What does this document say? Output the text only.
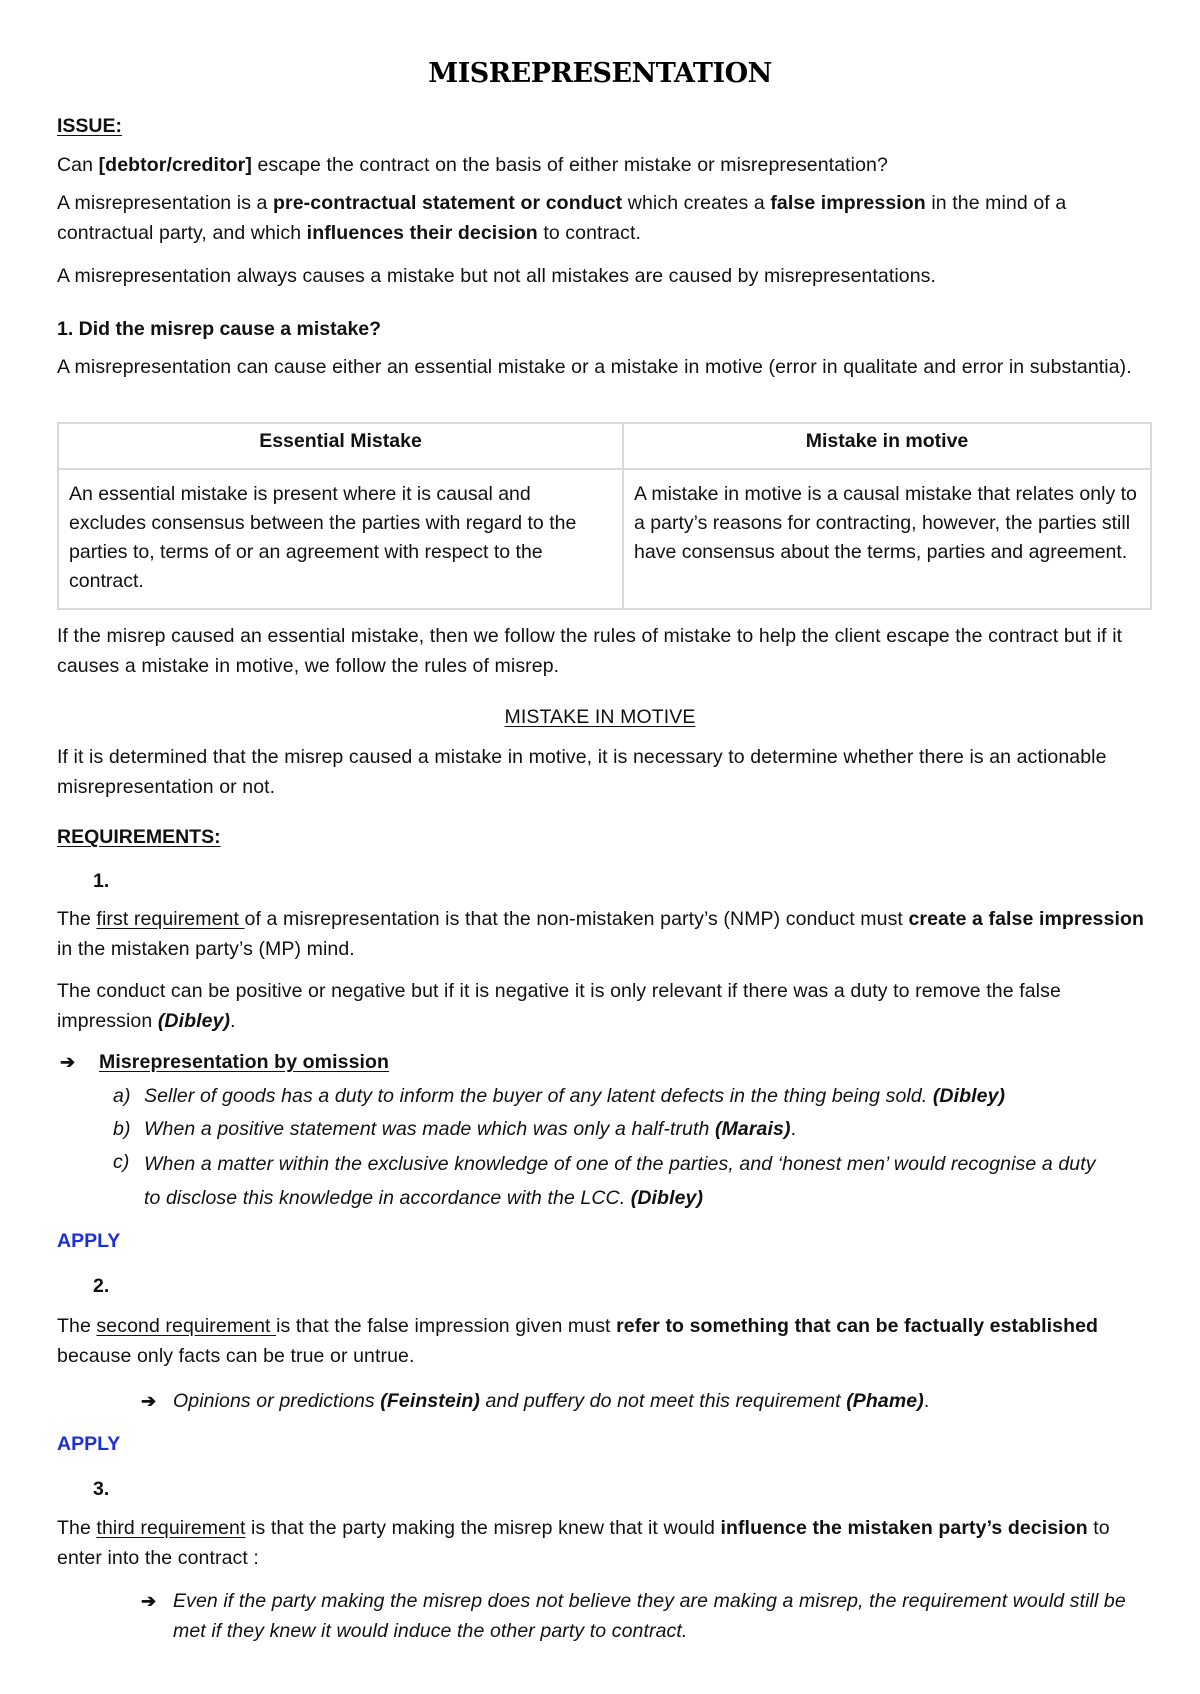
MISREPRESENTATION
ISSUE:

Can [debtor/creditor] escape the contract on the basis of either mistake or misrepresentation?

A misrepresentation is a pre-contractual statement or conduct which creates a false impression in the mind of a contractual party, and which influences their decision to contract.

A misrepresentation always causes a mistake but not all mistakes are caused by misrepresentations.

1. Did the misrep cause a mistake?

A misrepresentation can cause either an essential mistake or a mistake in motive (error in qualitate and error in substantia).

Essential Mistake	Mistake in motive
An essential mistake is present where it is causal and excludes consensus between the parties with regard to the parties to, terms of or an agreement with respect to the contract.	A mistake in motive is a causal mistake that relates only to a party’s reasons for contracting, however, the parties still have consensus about the terms, parties and agreement.

If the misrep caused an essential mistake, then we follow the rules of mistake to help the client escape the contract but if it causes a mistake in motive, we follow the rules of misrep.

MISTAKE IN MOTIVE

If it is determined that the misrep caused a mistake in motive, it is necessary to determine whether there is an actionable misrepresentation or not.

REQUIREMENTS:
1.

The first requirement of a misrepresentation is that the non-mistaken party’s (NMP) conduct must create a false impression in the mistaken party’s (MP) mind.

The conduct can be positive or negative but if it is negative it is only relevant if there was a duty to remove the false impression (Dibley).

➔ Misrepresentation by omission
a) Seller of goods has a duty to inform the buyer of any latent defects in the thing being sold. (Dibley)
b) When a positive statement was made which was only a half-truth (Marais).
c) When a matter within the exclusive knowledge of one of the parties, and ‘honest men’ would recognise a duty to disclose this knowledge in accordance with the LCC. (Dibley)
APPLY
2.

The second requirement is that the false impression given must refer to something that can be factually established because only facts can be true or untrue.

➔ Opinions or predictions (Feinstein) and puffery do not meet this requirement (Phame).
APPLY
3.

The third requirement is that the party making the misrep knew that it would influence the mistaken party’s decision to enter into the contract :

➔ Even if the party making the misrep does not believe they are making a misrep, the requirement would still be met if they knew it would induce the other party to contract.
